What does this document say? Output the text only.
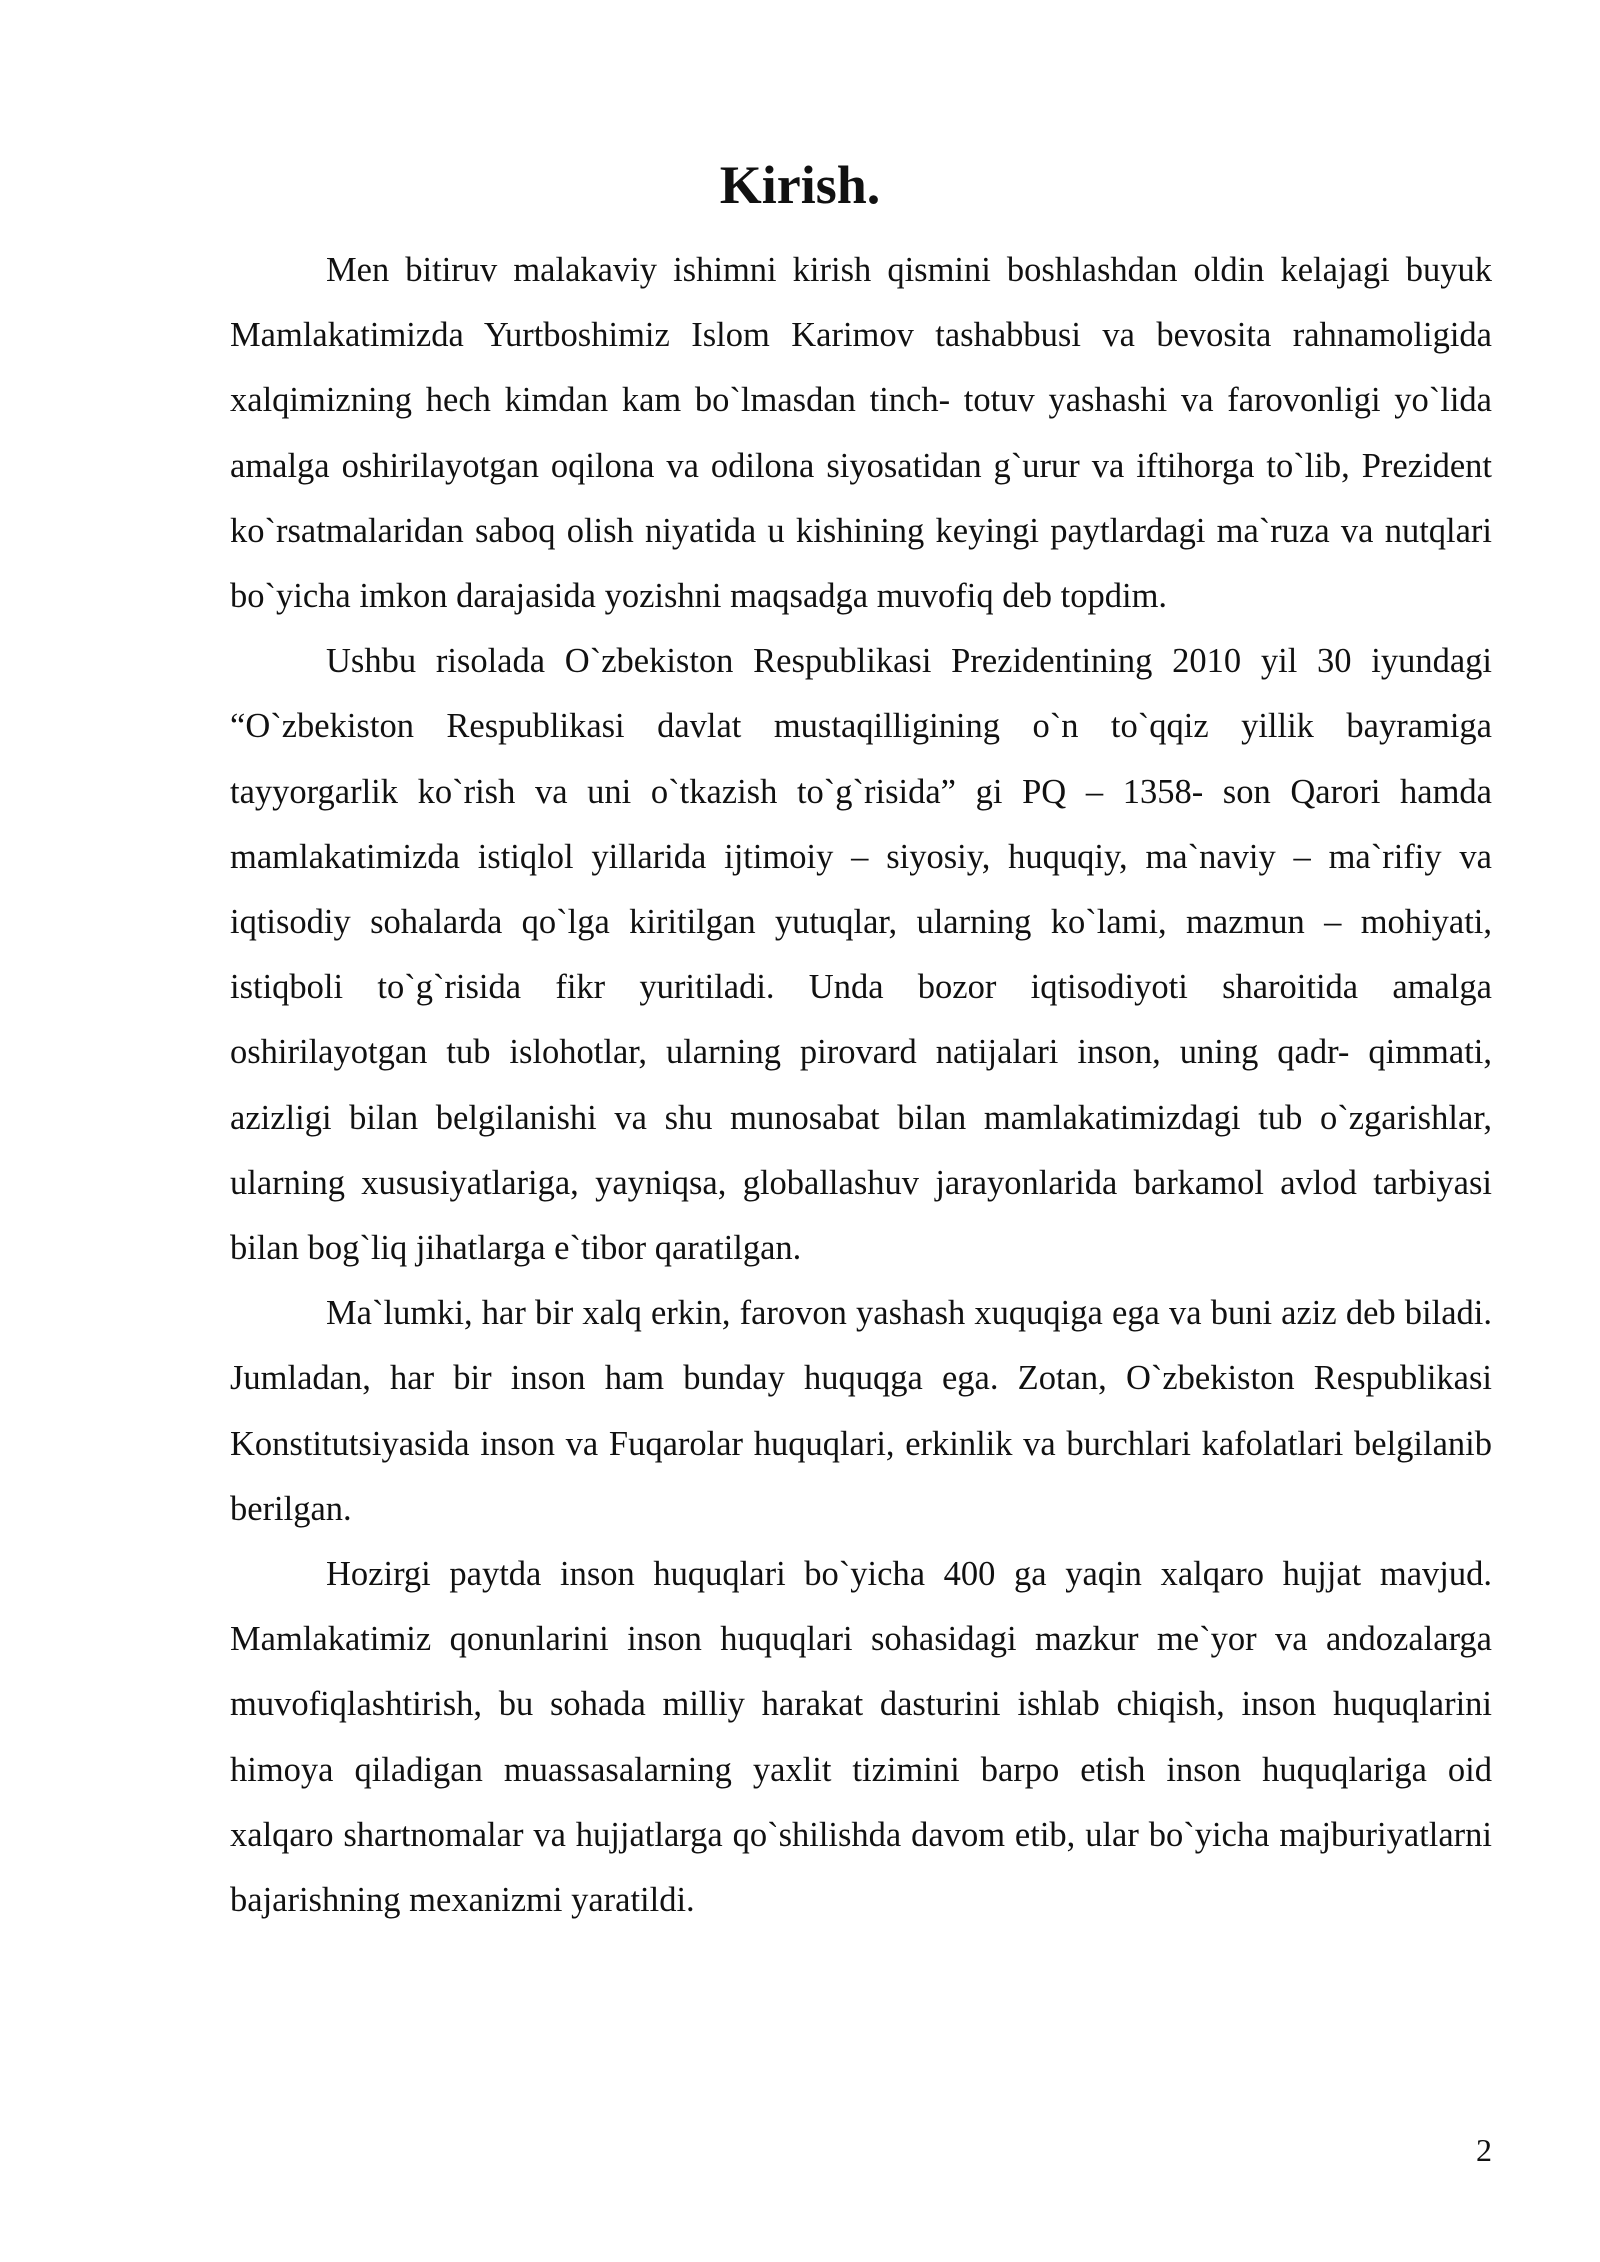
Kirish.

Men bitiruv malakaviy ishimni kirish qismini boshlashdan oldin kelajagi buyuk Mamlakatimizda Yurtboshimiz Islom Karimov tashabbusi va bevosita rahnamoligida xalqimizning hech kimdan kam bo`lmasdan tinch- totuv yashashi va farovonligi yo`lida amalga oshirilayotgan oqilona va odilona siyosatidan g`urur va iftihorga to`lib, Prezident ko`rsatmalaridan saboq olish niyatida u kishining keyingi paytlardagi ma`ruza va nutqlari bo`yicha imkon darajasida yozishni maqsadga muvofiq deb topdim.

Ushbu risolada O`zbekiston Respublikasi Prezidentining 2010 yil 30 iyundagi “O`zbekiston Respublikasi davlat mustaqilligining o`n to`qqiz yillik bayramiga tayyorgarlik ko`rish va uni o`tkazish to`g`risida” gi PQ – 1358- son Qarori hamda mamlakatimizda istiqlol yillarida ijtimoiy – siyosiy, huquqiy, ma`naviy – ma`rifiy va iqtisodiy sohalarda qo`lga kiritilgan yutuqlar, ularning ko`lami, mazmun – mohiyati, istiqboli to`g`risida fikr yuritiladi. Unda bozor iqtisodiyoti sharoitida amalga oshirilayotgan tub islohotlar, ularning pirovard natijalari inson, uning qadr- qimmati, azizligi bilan belgilanishi va shu munosabat bilan mamlakatimizdagi tub o`zgarishlar, ularning xususiyatlariga, yayniqsa, globallashuv jarayonlarida barkamol avlod tarbiyasi bilan bog`liq jihatlarga e`tibor qaratilgan.

Ma`lumki, har bir xalq erkin, farovon yashash xuquqiga ega va buni aziz deb biladi. Jumladan, har bir inson ham bunday huquqga ega. Zotan, O`zbekiston Respublikasi Konstitutsiyasida inson va Fuqarolar huquqlari, erkinlik va burchlari kafolatlari belgilanib berilgan.

Hozirgi paytda inson huquqlari bo`yicha 400 ga yaqin xalqaro hujjat mavjud. Mamlakatimiz qonunlarini inson huquqlari sohasidagi mazkur me`yor va andozalarga muvofiqlashtirish, bu sohada milliy harakat dasturini ishlab chiqish, inson huquqlarini himoya qiladigan muassasalarning yaxlit tizimini barpo etish inson huquqlariga oid xalqaro shartnomalar va hujjatlarga qo`shilishda davom etib, ular bo`yicha majburiyatlarni bajarishning mexanizmi yaratildi.

2
